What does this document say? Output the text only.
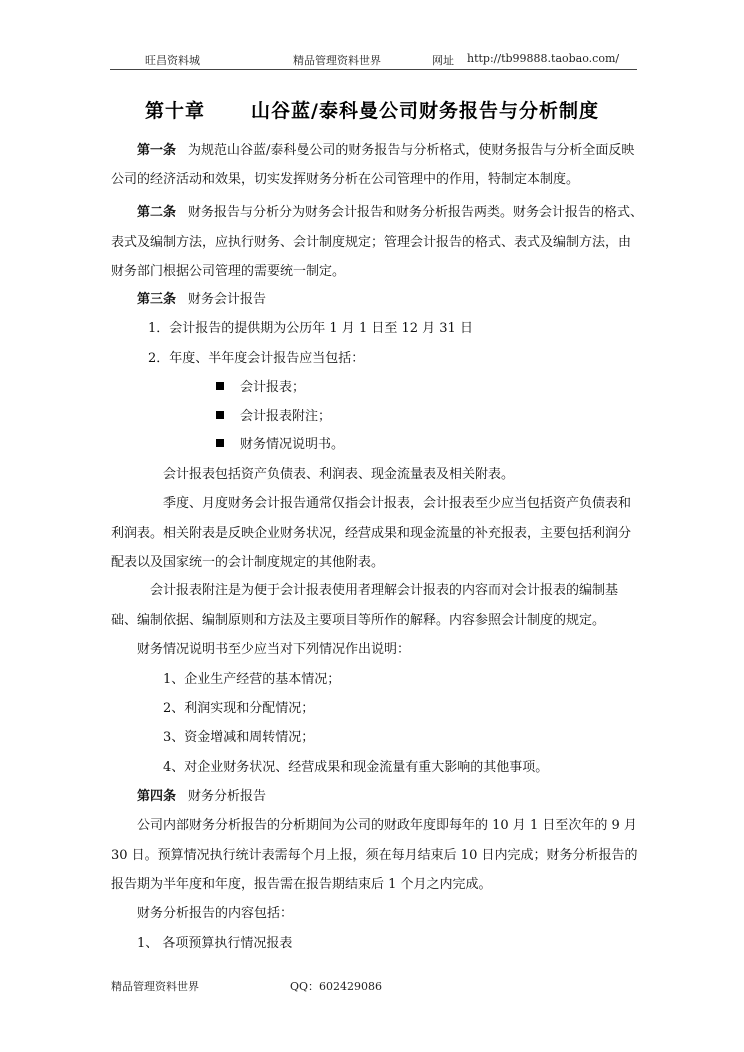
旺昌资料城	精品管理资料世界	网址 http://tb99888.taobao.com/
第十章 山谷蓝/泰科曼公司财务报告与分析制度
第一条 为规范山谷蓝/泰科曼公司的财务报告与分析格式，使财务报告与分析全面反映
公司的经济活动和效果，切实发挥财务分析在公司管理中的作用，特制定本制度。
第二条 财务报告与分析分为财务会计报告和财务分析报告两类。财务会计报告的格式、
表式及编制方法，应执行财务、会计制度规定；管理会计报告的格式、表式及编制方法，由
财务部门根据公司管理的需要统一制定。
第三条 财务会计报告
1．会计报告的提供期为公历年 1 月 1 日至 12 月 31 日
2．年度、半年度会计报告应当包括：
会计报表；
会计报表附注；
财务情况说明书。
会计报表包括资产负债表、利润表、现金流量表及相关附表。
季度、月度财务会计报告通常仅指会计报表，会计报表至少应当包括资产负债表和
利润表。相关附表是反映企业财务状况，经营成果和现金流量的补充报表，主要包括利润分
配表以及国家统一的会计制度规定的其他附表。
会计报表附注是为便于会计报表使用者理解会计报表的内容而对会计报表的编制基
础、编制依据、编制原则和方法及主要项目等所作的解释。内容参照会计制度的规定。
财务情况说明书至少应当对下列情况作出说明：
1、企业生产经营的基本情况；
2、利润实现和分配情况；
3、资金增减和周转情况；
4、对企业财务状况、经营成果和现金流量有重大影响的其他事项。
第四条 财务分析报告
公司内部财务分析报告的分析期间为公司的财政年度即每年的 10 月 1 日至次年的 9 月
30 日。预算情况执行统计表需每个月上报，须在每月结束后 10 日内完成；财务分析报告的
报告期为半年度和年度，报告需在报告期结束后 1 个月之内完成。
财务分析报告的内容包括：
1、 各项预算执行情况报表
精品管理资料世界	QQ：602429086
